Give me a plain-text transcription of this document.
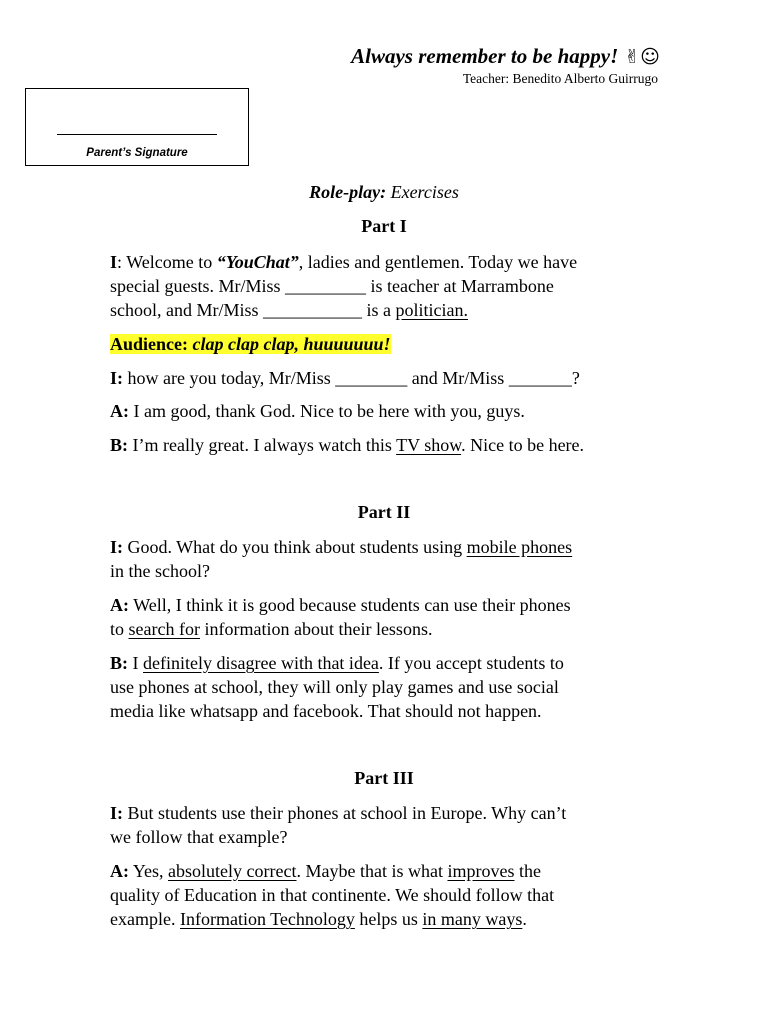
Always remember to be happy! ✌☺
Teacher: Benedito Alberto Guirrugo
Parent’s Signature
Role-play: Exercises
Part I
I: Welcome to “YouChat”, ladies and gentlemen. Today we have
special guests. Mr/Miss _________ is teacher at Marrambone
school, and Mr/Miss ___________ is a politician.
Audience: clap clap clap, huuuuuuu!
I: how are you today, Mr/Miss ________ and Mr/Miss _______?
A: I am good, thank God. Nice to be here with you, guys.
B: I’m really great. I always watch this TV show. Nice to be here.
Part II
I: Good. What do you think about students using mobile phones
in the school?
A: Well, I think it is good because students can use their phones
to search for information about their lessons.
B: I definitely disagree with that idea. If you accept students to
use phones at school, they will only play games and use social
media like whatsapp and facebook. That should not happen.
Part III
I: But students use their phones at school in Europe. Why can’t
we follow that example?
A: Yes, absolutely correct. Maybe that is what improves the
quality of Education in that continente. We should follow that
example. Information Technology helps us in many ways.
